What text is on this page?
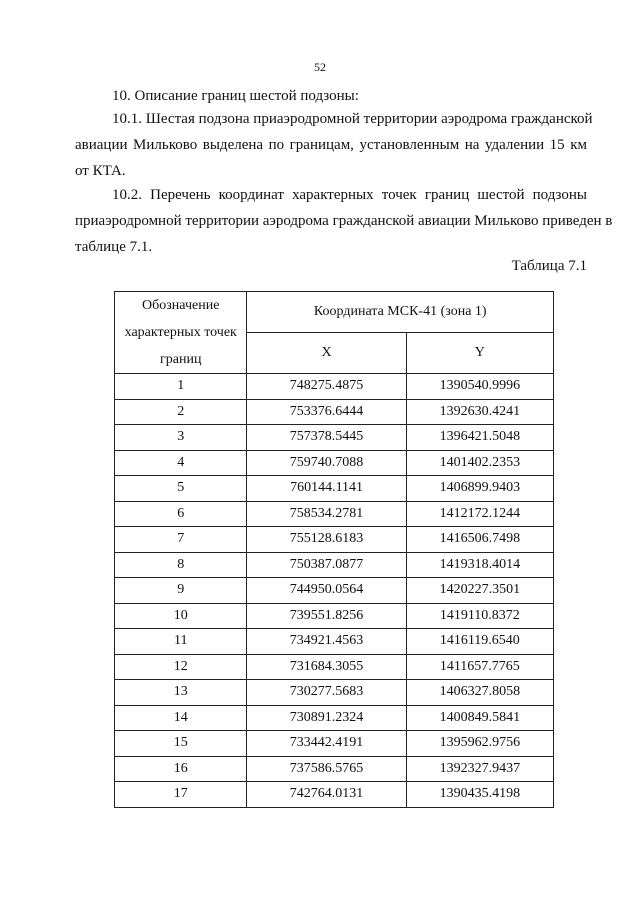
52
10. Описание границ шестой подзоны:
10.1. Шестая подзона приаэродромной территории аэродрома гражданской
авиации Мильково выделена по границам, установленным на удалении 15 км
от КТА.
10.2. Перечень координат характерных точек границ шестой подзоны
приаэродромной территории аэродрома гражданской авиации Мильково приведен в
таблице 7.1.
Таблица 7.1
Обозначение
характерных точек
границ	Координата МСК-41 (зона 1)	
	X	Y
1	748275.4875	1390540.9996
2	753376.6444	1392630.4241
3	757378.5445	1396421.5048
4	759740.7088	1401402.2353
5	760144.1141	1406899.9403
6	758534.2781	1412172.1244
7	755128.6183	1416506.7498
8	750387.0877	1419318.4014
9	744950.0564	1420227.3501
10	739551.8256	1419110.8372
11	734921.4563	1416119.6540
12	731684.3055	1411657.7765
13	730277.5683	1406327.8058
14	730891.2324	1400849.5841
15	733442.4191	1395962.9756
16	737586.5765	1392327.9437
17	742764.0131	1390435.4198
